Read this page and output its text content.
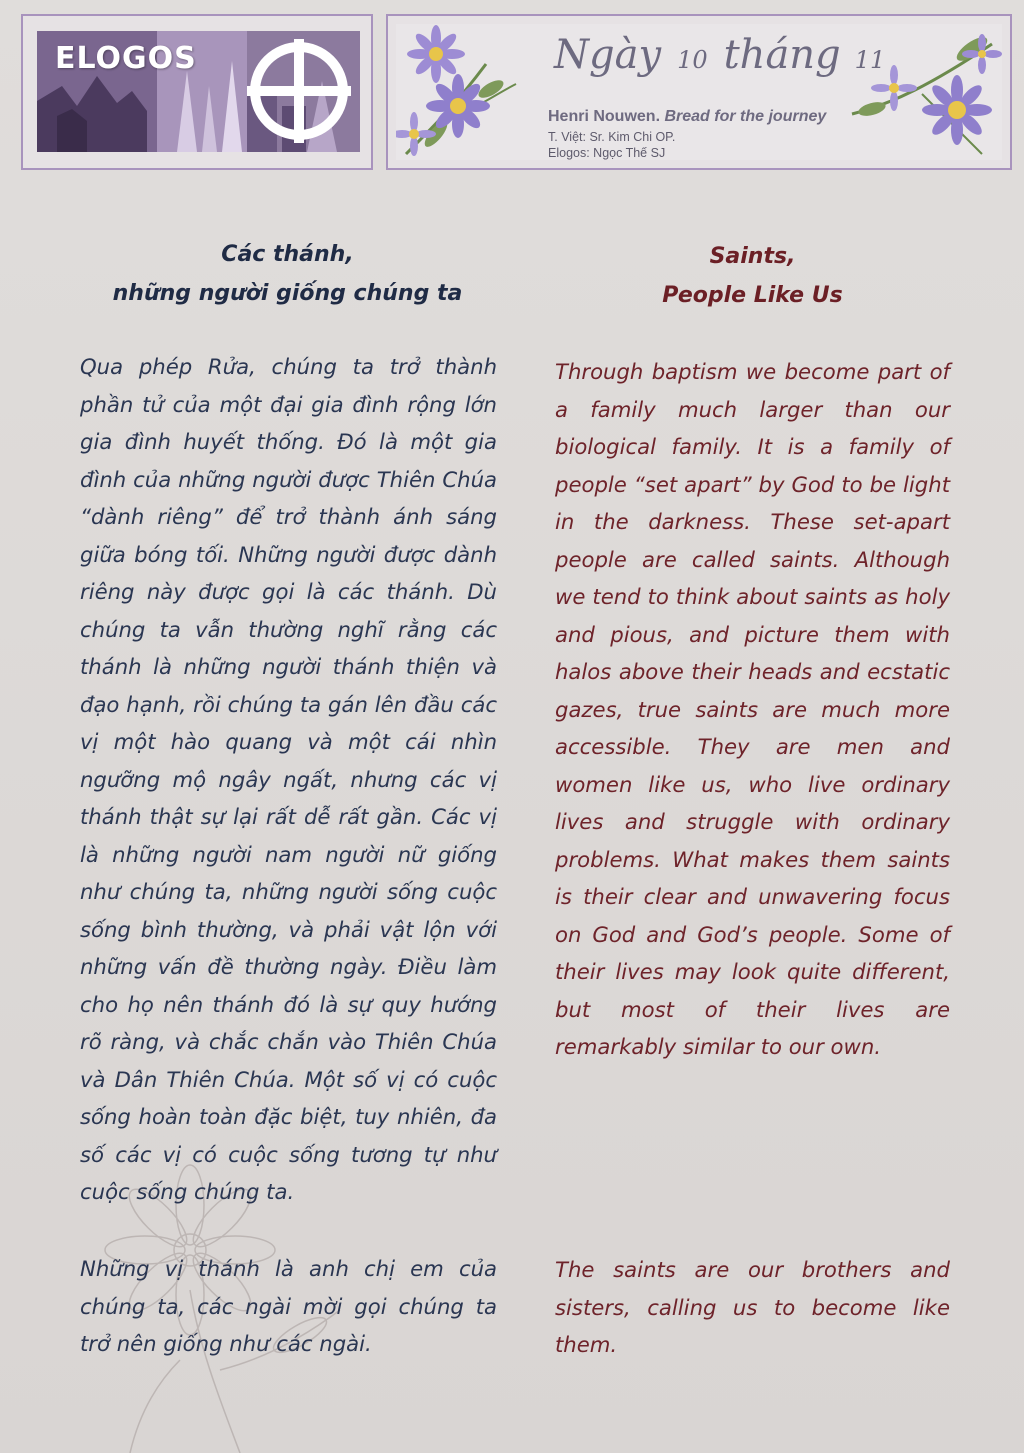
ELOGOS	Ngày 10 tháng 11
Henri Nouwen. Bread for the journey
T. Việt: Sr. Kim Chi OP.
Elogos: Ngọc Thế SJ
Các thánh,
những người giống chúng ta
Saints,
People Like Us

Qua phép Rửa, chúng ta trở thành phần tử của một đại gia đình rộng lớn gia đình huyết thống. Đó là một gia đình của những người được Thiên Chúa “dành riêng” để trở thành ánh sáng giữa bóng tối. Những người được dành riêng này được gọi là các thánh. Dù chúng ta vẫn thường nghĩ rằng các thánh là những người thánh thiện và đạo hạnh, rồi chúng ta gán lên đầu các vị một hào quang và một cái nhìn ngưỡng mộ ngây ngất, nhưng các vị thánh thật sự lại rất dễ rất gần. Các vị là những người nam người nữ giống như chúng ta, những người sống cuộc sống bình thường, và phải vật lộn với những vấn đề thường ngày. Điều làm cho họ nên thánh đó là sự quy hướng rõ ràng, và chắc chắn vào Thiên Chúa và Dân Thiên Chúa. Một số vị có cuộc sống hoàn toàn đặc biệt, tuy nhiên, đa số các vị có cuộc sống tương tự như cuộc sống chúng ta.

Những vị thánh là anh chị em của chúng ta, các ngài mời gọi chúng ta trở nên giống như các ngài.

Through baptism we become part of a family much larger than our biological family. It is a family of people “set apart” by God to be light in the darkness. These set-apart people are called saints. Although we tend to think about saints as holy and pious, and picture them with halos above their heads and ecstatic gazes, true saints are much more accessible. They are men and women like us, who live ordinary lives and struggle with ordinary problems. What makes them saints is their clear and unwavering focus on God and God’s people. Some of their lives may look quite different, but most of their lives are remarkably similar to our own.

The saints are our brothers and sisters, calling us to become like them.
